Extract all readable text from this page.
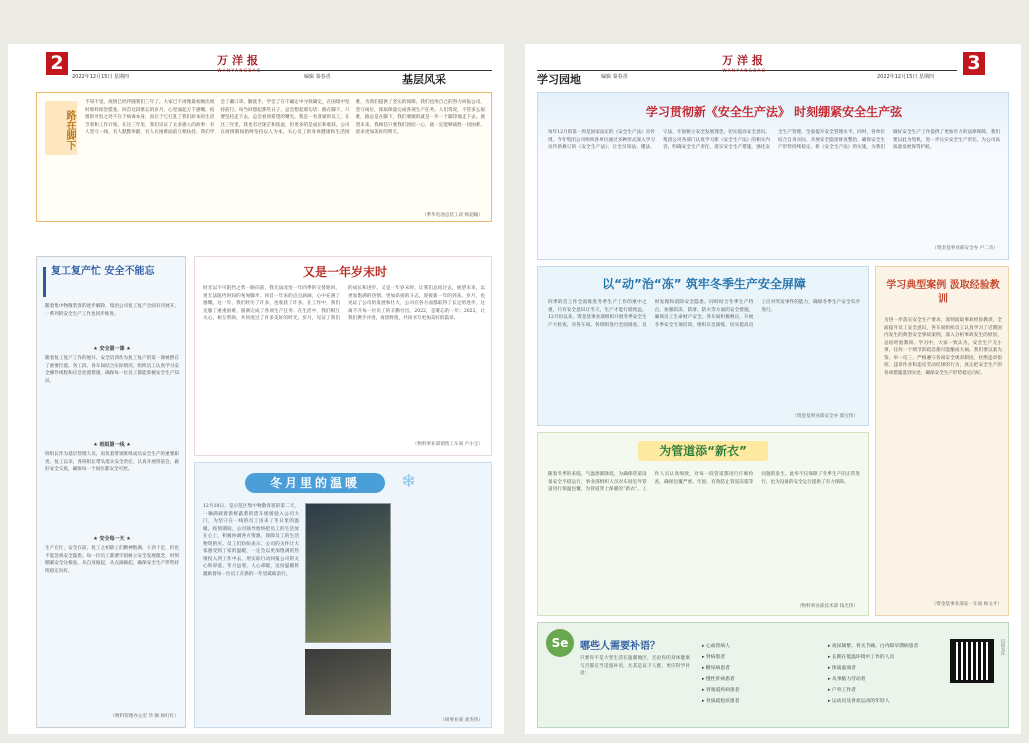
2
2022年12月15日 星期四
万洋报
WANYANGBAO
编辑 秦春香	基层风采
路在脚下
不知不觉，疫情已经伴随我们三年了。大家已不再像最初刚出现时那样惊恐慌张，回首这段难忘的岁月，心里涌起万千感慨。疫情的可怕之处不在于病毒本身，而在于它打乱了我们原本的生活节奏和工作计划。在这三年里，我们见证了太多感人的故事：有人坚守一线，有人默默奉献，有人在困难面前互相扶持。我们学会了戴口罩、勤洗手，学会了在不确定中寻找确定，在困境中坚持前行。每当回想起那些日子，总会想起那句话：路在脚下，只要坚持走下去，总会看到希望的曙光。我是一名普通的员工，在这三年里，我也有过迷茫和焦虑，但更多的是成长和收获。公司在疫情期间始终坚持以人为本，关心员工的身体健康和生活困难，为我们提供了坚实的保障。我们也用自己的努力回报公司，坚守岗位，保质保量完成各项生产任务。人们常说，不管多么艰难，路总是在脚下，我们要做的就是一步一个脚印地走下去。展望未来，我相信只要我们团结一心，就一定能够战胜一切困难，迎来更加美好的明天。
（季华电池总装工段 杨超翰）
复工复产忙 安全不能忘
随着集中物散装客的逐步解除，集团公司复工复产全面有序展开。一系列的安全生产工作也同步推进。
★ 安全第一课 ★
随着复工复产工作的展开，安全培训作为复工复产的第一课被摆在了重要位置。各工段、各车间结合实际情况，组织员工认真学习安全操作规程和应急处置措施，确保每一位员工都能掌握安全生产知识。
★ 班组第一线 ★
班组长作为基层管理人员，肩负着带领班组成员安全生产的重要职责。复工以来，各班组长带头落实安全责任，认真开展班前会，做好安全交底，确保每一个岗位都安全可控。
★ 安全每一天 ★
生产在忙，安全在前。复工之初职工们精神饱满，干劲十足，但也不能忽视安全隐患。每一位员工都要牢固树立安全发展理念，时刻绷紧安全这根弦，从自身做起，从点滴做起，确保安全生产形势持续稳定向好。
（物料管理办公室 华 刚 杨红红）
又是一年岁末时
时光以不可阻挡之势一路向前，我无法改变一年四季的交替轮回，更无法阻挡时间的匆匆脚步。回首一年来的点点滴滴，心中充满了感慨。这一年，我们经历了许多，也收获了许多。在工作中，我们克服了重重困难，圆满完成了各项生产任务；在生活中，我们相互关心，相互帮助，共同度过了许多美好的时光。岁月，见证了我们的成长和进步。又是一年岁末时，让我们总结过去，展望未来，以更加饱满的热情、更加昂扬的斗志，迎接新一年的到来。岁月，也见证了公司的发展和壮大，公司在各方面都取得了长足的进步，这离不开每一位员工的辛勤付出。2022，是难忘的一年；2023，让我们携手并进，再创辉煌，共同书写更加美好的篇章。
（物料事业部销售工车间 卢小宝）
冬月里的温暖	❄
12月10日，是示范区集中物散客客的第二天，一辆满载着新鲜蔬菜的货车缓缓驶入公司大门，为坚守在一线的员工送来了冬日里的温暖。疫情期间，公司领导始终把员工的生活放在心上，积极协调各方资源，保障员工的生活物资供应。员工们纷纷表示，公司的关怀让大家感受到了家的温暖，一定会以更加饱满的热情投入到工作中去，用实际行动回报公司的关心和厚爱。冬月虽寒，人心却暖，这份温暖将激励着每一位员工在新的一年里砥砺前行。
（研事业部 刘杰伟）
学习园地	编辑 秦春香
万洋报
WANYANGBAO
2022年12月15日 星期四
3
学习贯彻新《安全生产法》 时刻绷紧安全生产弦
每年12月的第一周是国家法定的《安全生产法》宣传周。今年集团公司组织各单位通过多种形式深入学习宣传新修订的《安全生产法》，让全员知法、懂法、守法，牢固树立安全发展理念，切实提高安全意识。集团公司各部门认真学习新《安全生产法》的相关内容，明确安全生产责任，落实安全生产措施，强化安全生产管理，全面提升安全管理水平。同时，各单位结合自身实际，开展安全隐患排查整治，确保安全生产形势持续稳定。新《安全生产法》的实施，为我们做好安全生产工作提供了更加有力的法律保障，我们要以此为契机，进一步压实安全生产责任，为公司高质量发展保驾护航。
（资金基事业部安全办 卢二奇）
以“动”治“冻” 筑牢冬季生产安全屏障
四季的首工作全面推进冬季生产工作的重中之重，只有安全意识让冬天，生产才能行稳致远。12月份以来，资金基事业部组织开展冬季安全生产大检查，对各车间、各班组进行全面排查，及时发现和消除安全隐患。同时结合冬季生产特点，加强防冻、防滑、防火等方面的安全措施，确保员工生命财产安全。各车间积极响应，开展冬季安全专项培训，组织应急演练，切实提高员工应对突发事件的能力，确保冬季生产安全有序进行。
（资金基事业部安全办 邵宝伟）
学习典型案例 汲取经验教训
为进一步落实安全生产要求，深刻汲取事故经验教训，全面提升员工安全意识，各车间组织员工认真学习了近期国内发生的典型安全事故案例，深入分析事故发生的原因，总结经验教训。学习中，大家一致认为，安全生产无小事，任何一个细节的疏忽都可能酿成大祸。我们要以案为鉴，举一反三，严格遵守各项安全规章制度，杜绝违章指挥、违章作业和违反劳动纪律的行为，真正把安全生产的各项措施落到实处，确保安全生产形势稳定向好。
（资金基事业部安一车间 杨文才）
为管道添“新衣”
随着冬季的来临，气温逐渐降低，为确保管道设备安全平稳运行，事业部组织人员对车间室外管道进行保温包覆，为管道穿上保暖的“新衣”。工作人员认真细致，对每一段管道都进行仔细检查，确保包覆严密、牢固，有效防止管道冻裂等问题的发生。此举不仅保障了冬季生产的正常进行，也为设备的安全运行提供了有力保障。
（物料事业部技术部 钱光伟）
Se	哪些人需要补语？
只要你不是大型生活在温暖地区，无论你的身体健康与否都应当适量补语，尤其是以下人群，更应科学补语：
▸ 心血管病人
▸ 肾病患者
▸ 糖尿病患者
▸ 慢性肝病患者
▸ 胃肠道疾病患者
▸ 骨质疏松症患者
▸ 夜尿频繁、骨关节痛、白内障早期病患者
▸ 长期在低温环境中工作的人员
▸ 体质虚弱者
▸ 从事脑力劳动者
▸ 户外工作者
▸ 运动员及喜欢运动的年轻人
扫码关注
